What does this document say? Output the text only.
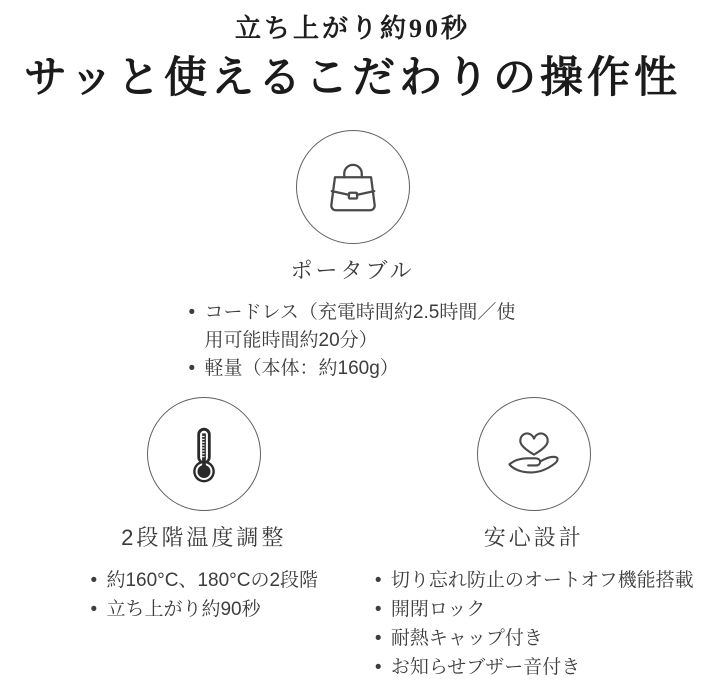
立ち上がり約90秒
サッと使えるこだわりの操作性
ポータブル
• コードレス（充電時間約2.5時間／使用可能時間約20分）
• 軽量（本体：約160g）
2段階温度調整
• 約160°C、180°Cの2段階
• 立ち上がり約90秒
安心設計
• 切り忘れ防止のオートオフ機能搭載
• 開閉ロック
• 耐熱キャップ付き
• お知らせブザー音付き
